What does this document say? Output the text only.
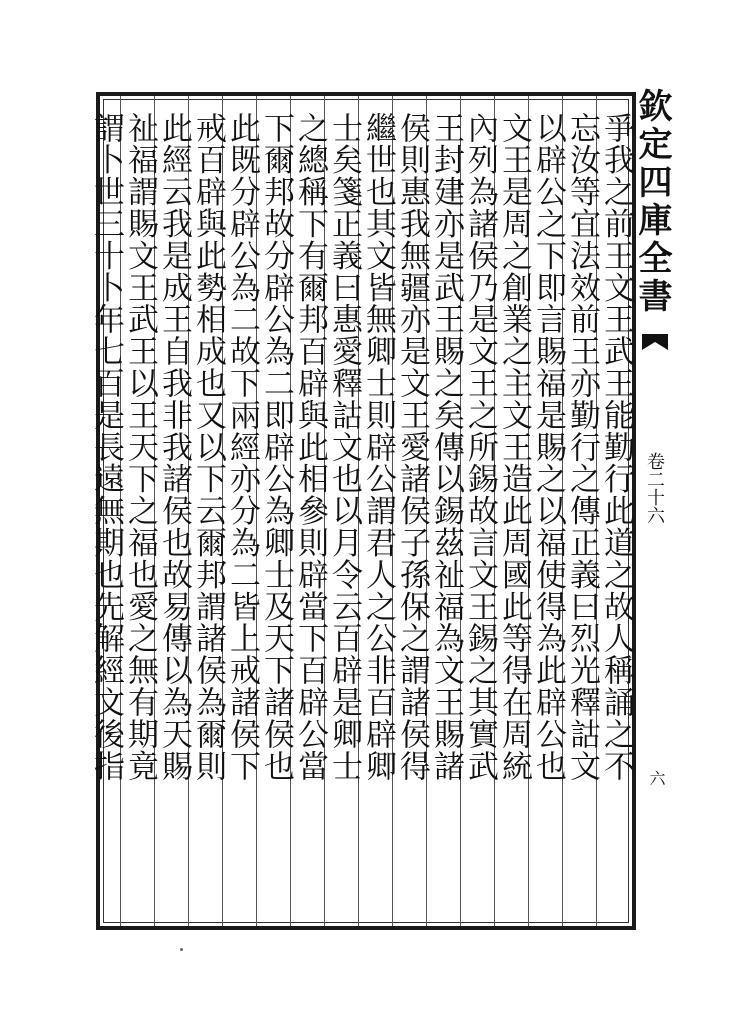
欽定四庫全書
卷二十六
六
爭我之前王文王武王能勤行此道之故人稱誦之不
忘汝等宜法效前王亦勤行之傳正義曰烈光釋詁文
以辟公之下即言賜福是賜之以福使得為此辟公也
文王是周之創業之主文王造此周國此等得在周統
內列為諸侯乃是文王之所錫故言文王錫之其實武
王封建亦是武王賜之矣傳以錫茲祉福為文王賜諸
侯則惠我無疆亦是文王愛諸侯子孫保之謂諸侯得
繼世也其文皆無卿士則辟公謂君人之公非百辟卿
士矣箋正義曰惠愛釋詁文也以月令云百辟是卿士
之總稱下有爾邦百辟與此相參則辟當下百辟公當
下爾邦故分辟公為二即辟公為卿士及天下諸侯也
此既分辟公為二故下兩經亦分為二皆上戒諸侯下
戒百辟與此勢相成也又以下云爾邦謂諸侯為爾則
此經云我是成王自我非我諸侯也故易傳以為天賜
祉福謂賜文王武王以王天下之福也愛之無有期竟
謂卜世三十卜年七百是長遠無期也先解經文後指
